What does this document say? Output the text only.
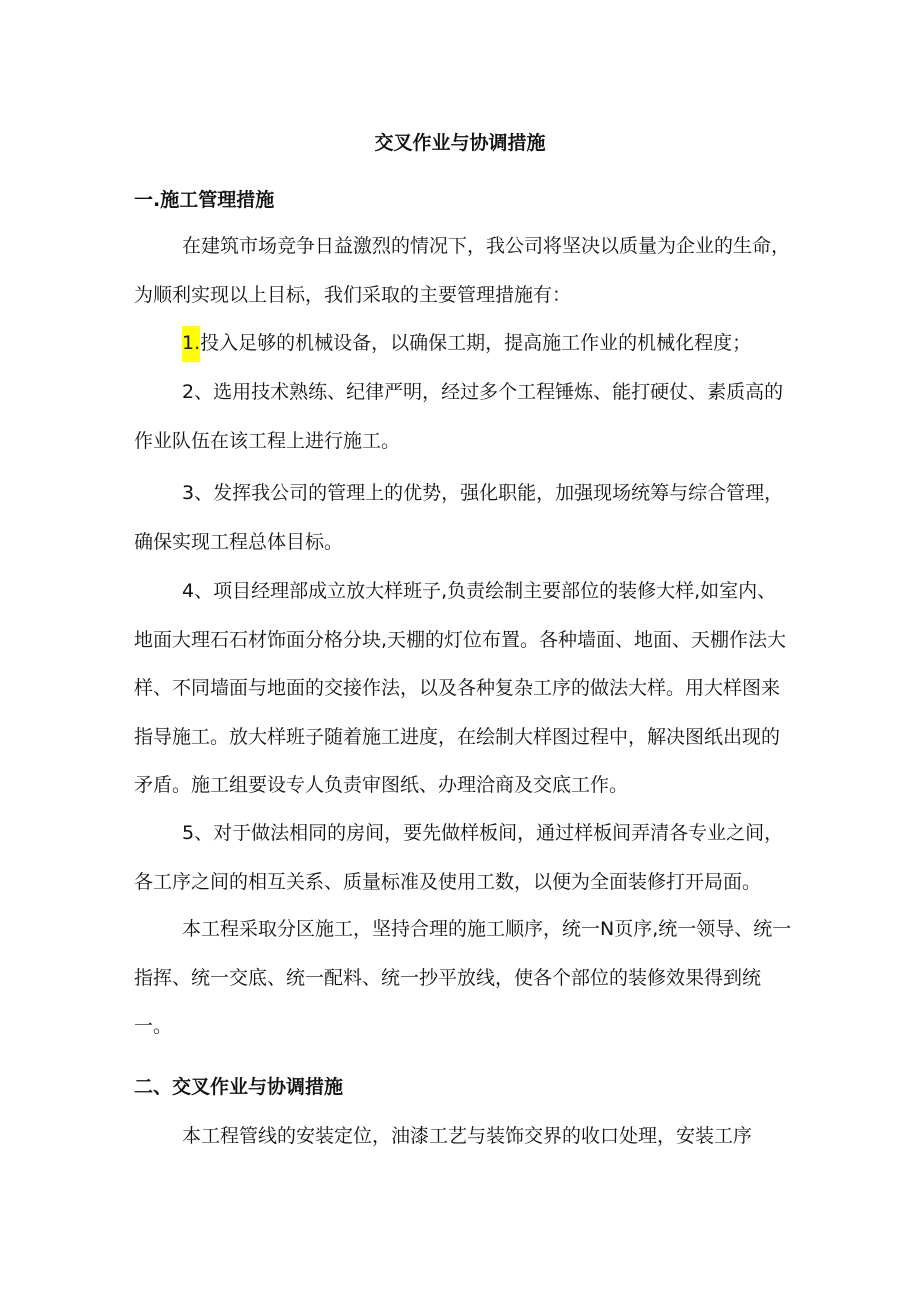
交叉作业与协调措施
一.施工管理措施

在建筑市场竞争日益激烈的情况下，我公司将坚决以质量为企业的生命，为顺利实现以上目标，我们采取的主要管理措施有：

1.投入足够的机械设备，以确保工期，提高施工作业的机械化程度；

2、选用技术熟练、纪律严明，经过多个工程锤炼、能打硬仗、素质高的作业队伍在该工程上进行施工。

3、发挥我公司的管理上的优势，强化职能，加强现场统筹与综合管理，确保实现工程总体目标。

4、项目经理部成立放大样班子,负责绘制主要部位的装修大样,如室内、地面大理石石材饰面分格分块,天棚的灯位布置。各种墙面、地面、天棚作法大样、不同墙面与地面的交接作法，以及各种复杂工序的做法大样。用大样图来指导施工。放大样班子随着施工进度，在绘制大样图过程中，解决图纸出现的矛盾。施工组要设专人负责审图纸、办理洽商及交底工作。

5、对于做法相同的房间，要先做样板间，通过样板间弄清各专业之间，各工序之间的相互关系、质量标准及使用工数，以便为全面装修打开局面。

本工程采取分区施工，坚持合理的施工顺序，统一N页序,统一领导、统一指挥、统一交底、统一配料、统一抄平放线，使各个部位的装修效果得到统一。

二、交叉作业与协调措施

本工程管线的安装定位，油漆工艺与装饰交界的收口处理，安装工序
